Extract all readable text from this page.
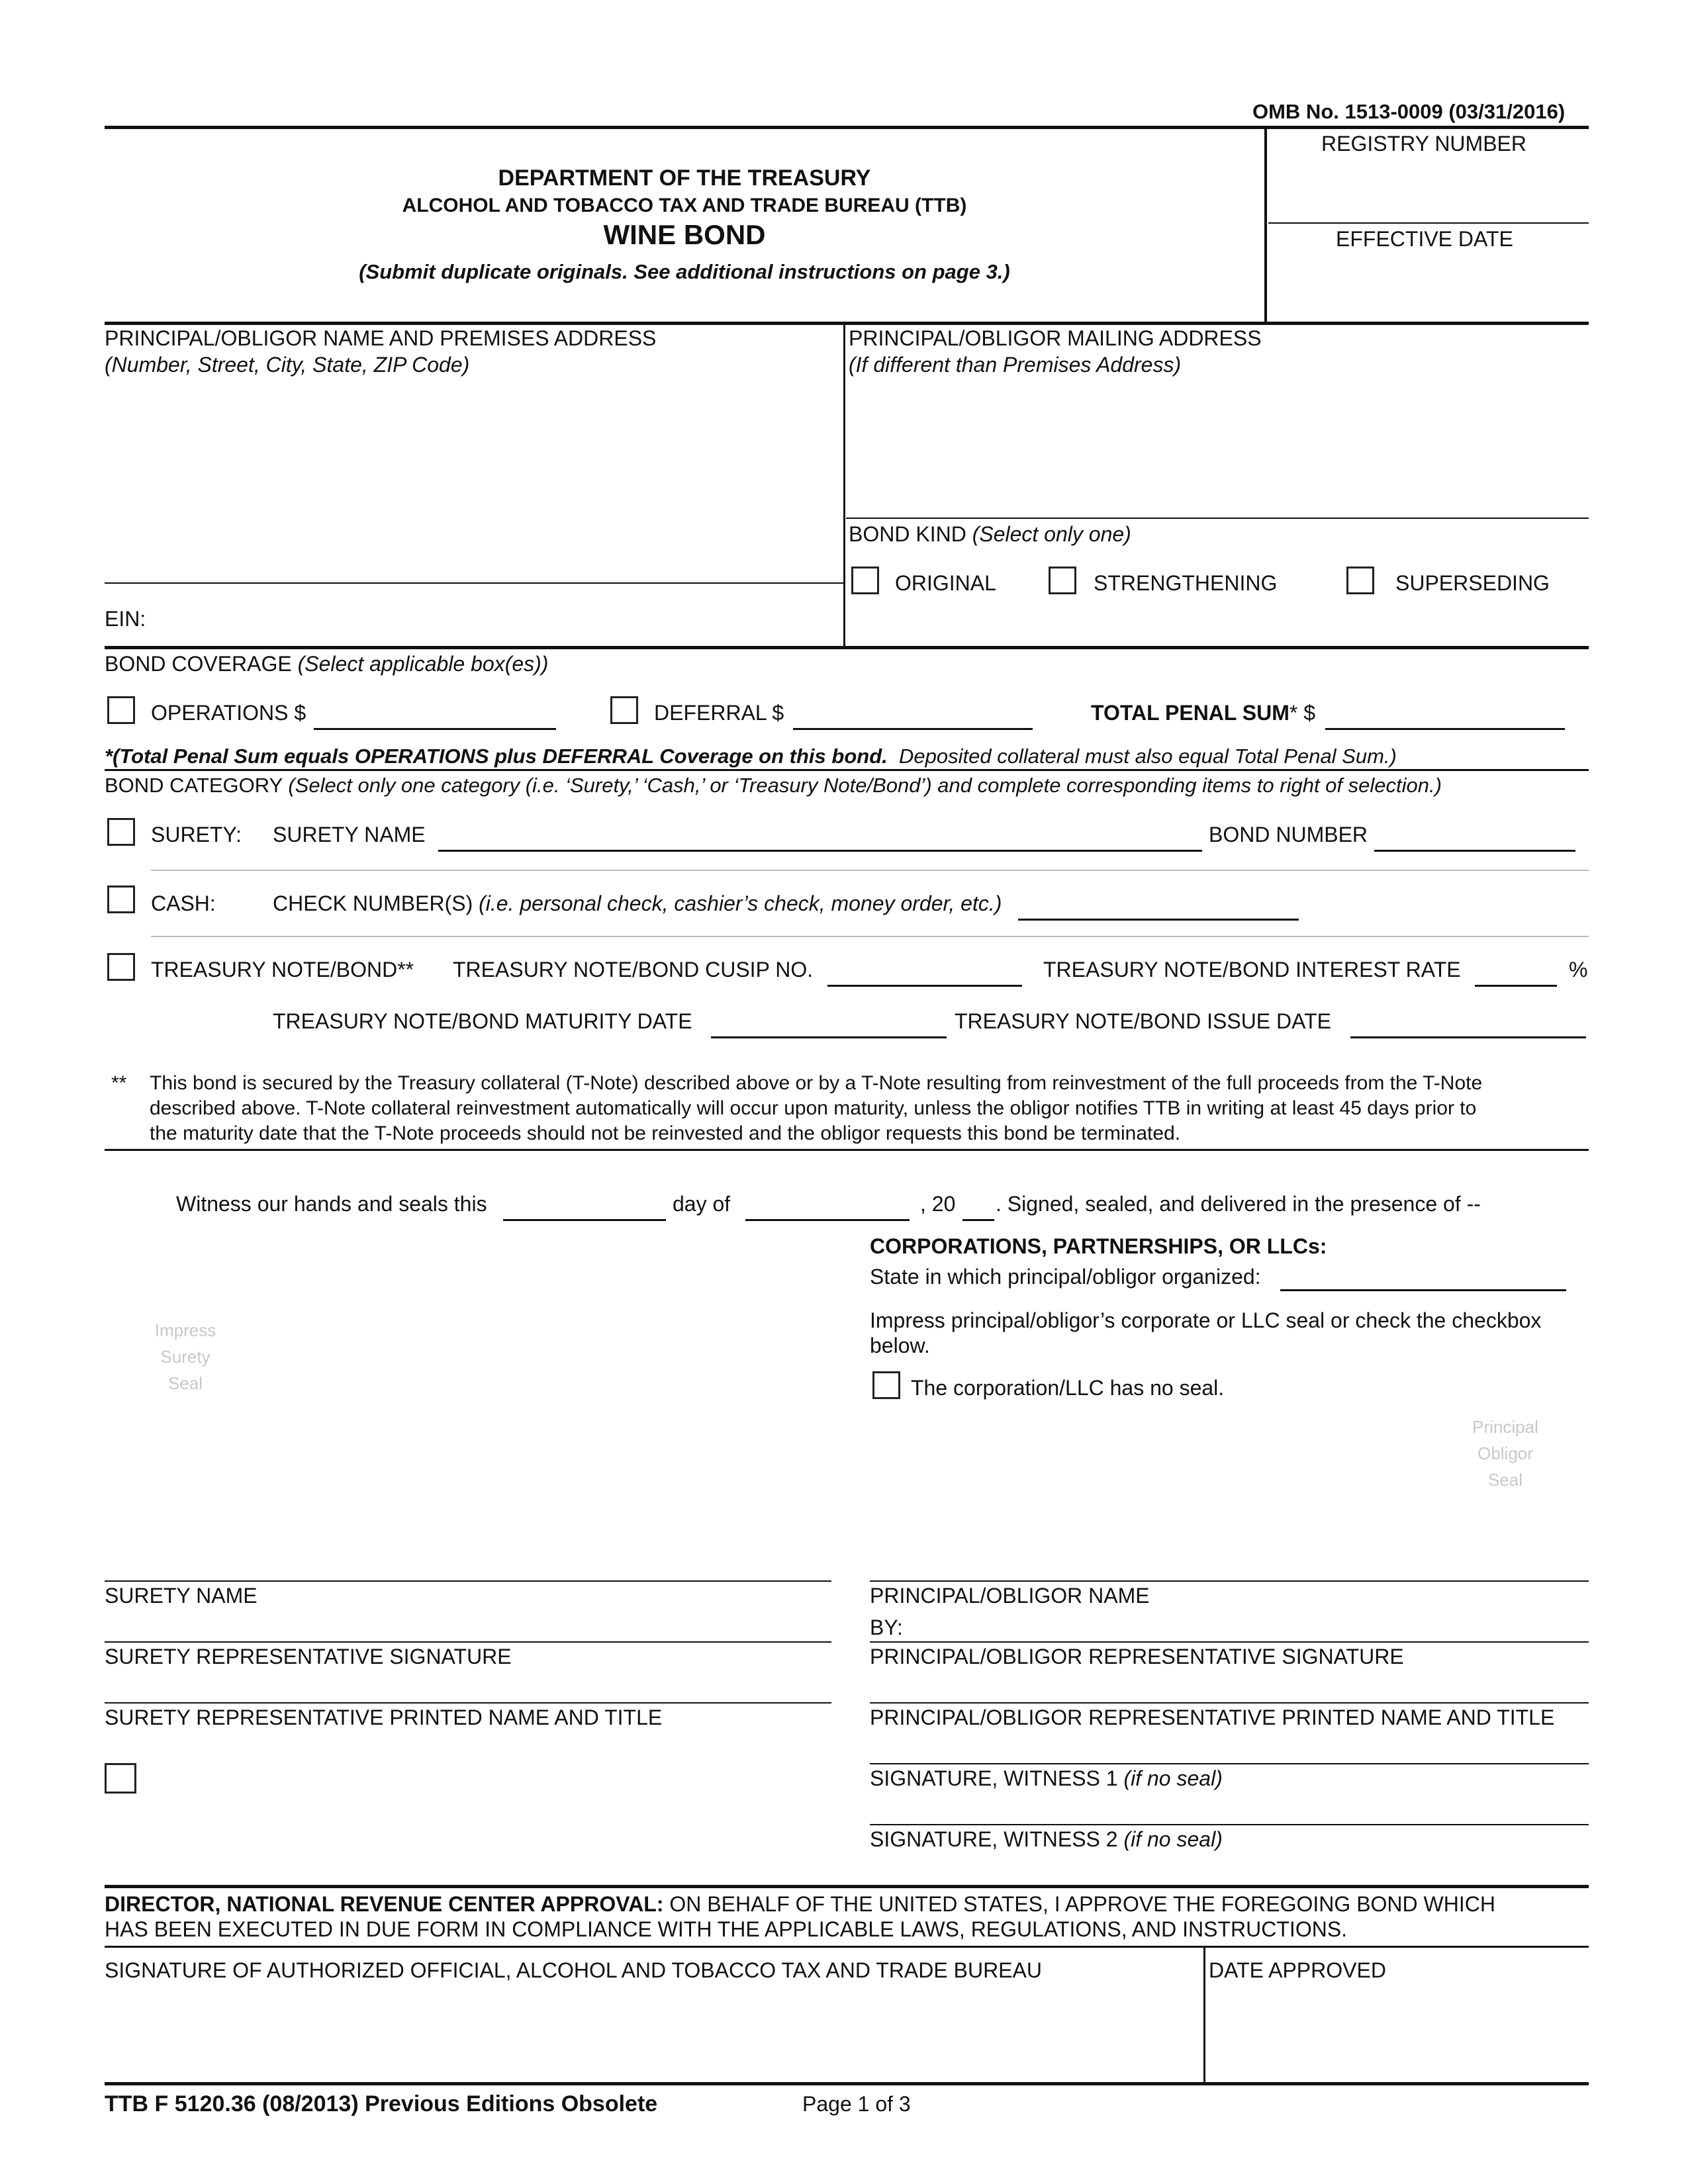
OMB No. 1513-0009 (03/31/2016)
DEPARTMENT OF THE TREASURY
ALCOHOL AND TOBACCO TAX AND TRADE BUREAU (TTB)
WINE BOND
(Submit duplicate originals. See additional instructions on page 3.)
REGISTRY NUMBER
EFFECTIVE DATE
PRINCIPAL/OBLIGOR NAME AND PREMISES ADDRESS
(Number, Street, City, State, ZIP Code)
EIN:
PRINCIPAL/OBLIGOR MAILING ADDRESS
(If different than Premises Address)
BOND KIND (Select only one)
ORIGINAL	STRENGTHENING	SUPERSEDING
BOND COVERAGE (Select applicable box(es))
OPERATIONS $	DEFERRAL $	TOTAL PENAL SUM* $
*(Total Penal Sum equals OPERATIONS plus DEFERRAL Coverage on this bond. Deposited collateral must also equal Total Penal Sum.)
BOND CATEGORY (Select only one category (i.e. ‘Surety,’ ‘Cash,’ or ‘Treasury Note/Bond’) and complete corresponding items to right of selection.)
SURETY: SURETY NAME	BOND NUMBER
CASH:	CHECK NUMBER(S) (i.e. personal check, cashier’s check, money order, etc.)
TREASURY NOTE/BOND** TREASURY NOTE/BOND CUSIP NO.	TREASURY NOTE/BOND INTEREST RATE	%
TREASURY NOTE/BOND MATURITY DATE	TREASURY NOTE/BOND ISSUE DATE
** This bond is secured by the Treasury collateral (T-Note) described above or by a T-Note resulting from reinvestment of the full proceeds from the T-Note
described above. T-Note collateral reinvestment automatically will occur upon maturity, unless the obligor notifies TTB in writing at least 45 days prior to
the maturity date that the T-Note proceeds should not be reinvested and the obligor requests this bond be terminated.
Witness our hands and seals this	day of	, 20 . Signed, sealed, and delivered in the presence of --
CORPORATIONS, PARTNERSHIPS, OR LLCs:
State in which principal/obligor organized:
Impress principal/obligor’s corporate or LLC seal or check the checkbox
below.
The corporation/LLC has no seal.
Impress
Surety
Seal
Principal
Obligor
Seal
SURETY NAME
SURETY REPRESENTATIVE SIGNATURE
SURETY REPRESENTATIVE PRINTED NAME AND TITLE
PRINCIPAL/OBLIGOR NAME
BY:
PRINCIPAL/OBLIGOR REPRESENTATIVE SIGNATURE
PRINCIPAL/OBLIGOR REPRESENTATIVE PRINTED NAME AND TITLE
SIGNATURE, WITNESS 1 (if no seal)
SIGNATURE, WITNESS 2 (if no seal)
DIRECTOR, NATIONAL REVENUE CENTER APPROVAL: ON BEHALF OF THE UNITED STATES, I APPROVE THE FOREGOING BOND WHICH
HAS BEEN EXECUTED IN DUE FORM IN COMPLIANCE WITH THE APPLICABLE LAWS, REGULATIONS, AND INSTRUCTIONS.
SIGNATURE OF AUTHORIZED OFFICIAL, ALCOHOL AND TOBACCO TAX AND TRADE BUREAU	DATE APPROVED
TTB F 5120.36 (08/2013) Previous Editions Obsolete	Page 1 of 3
